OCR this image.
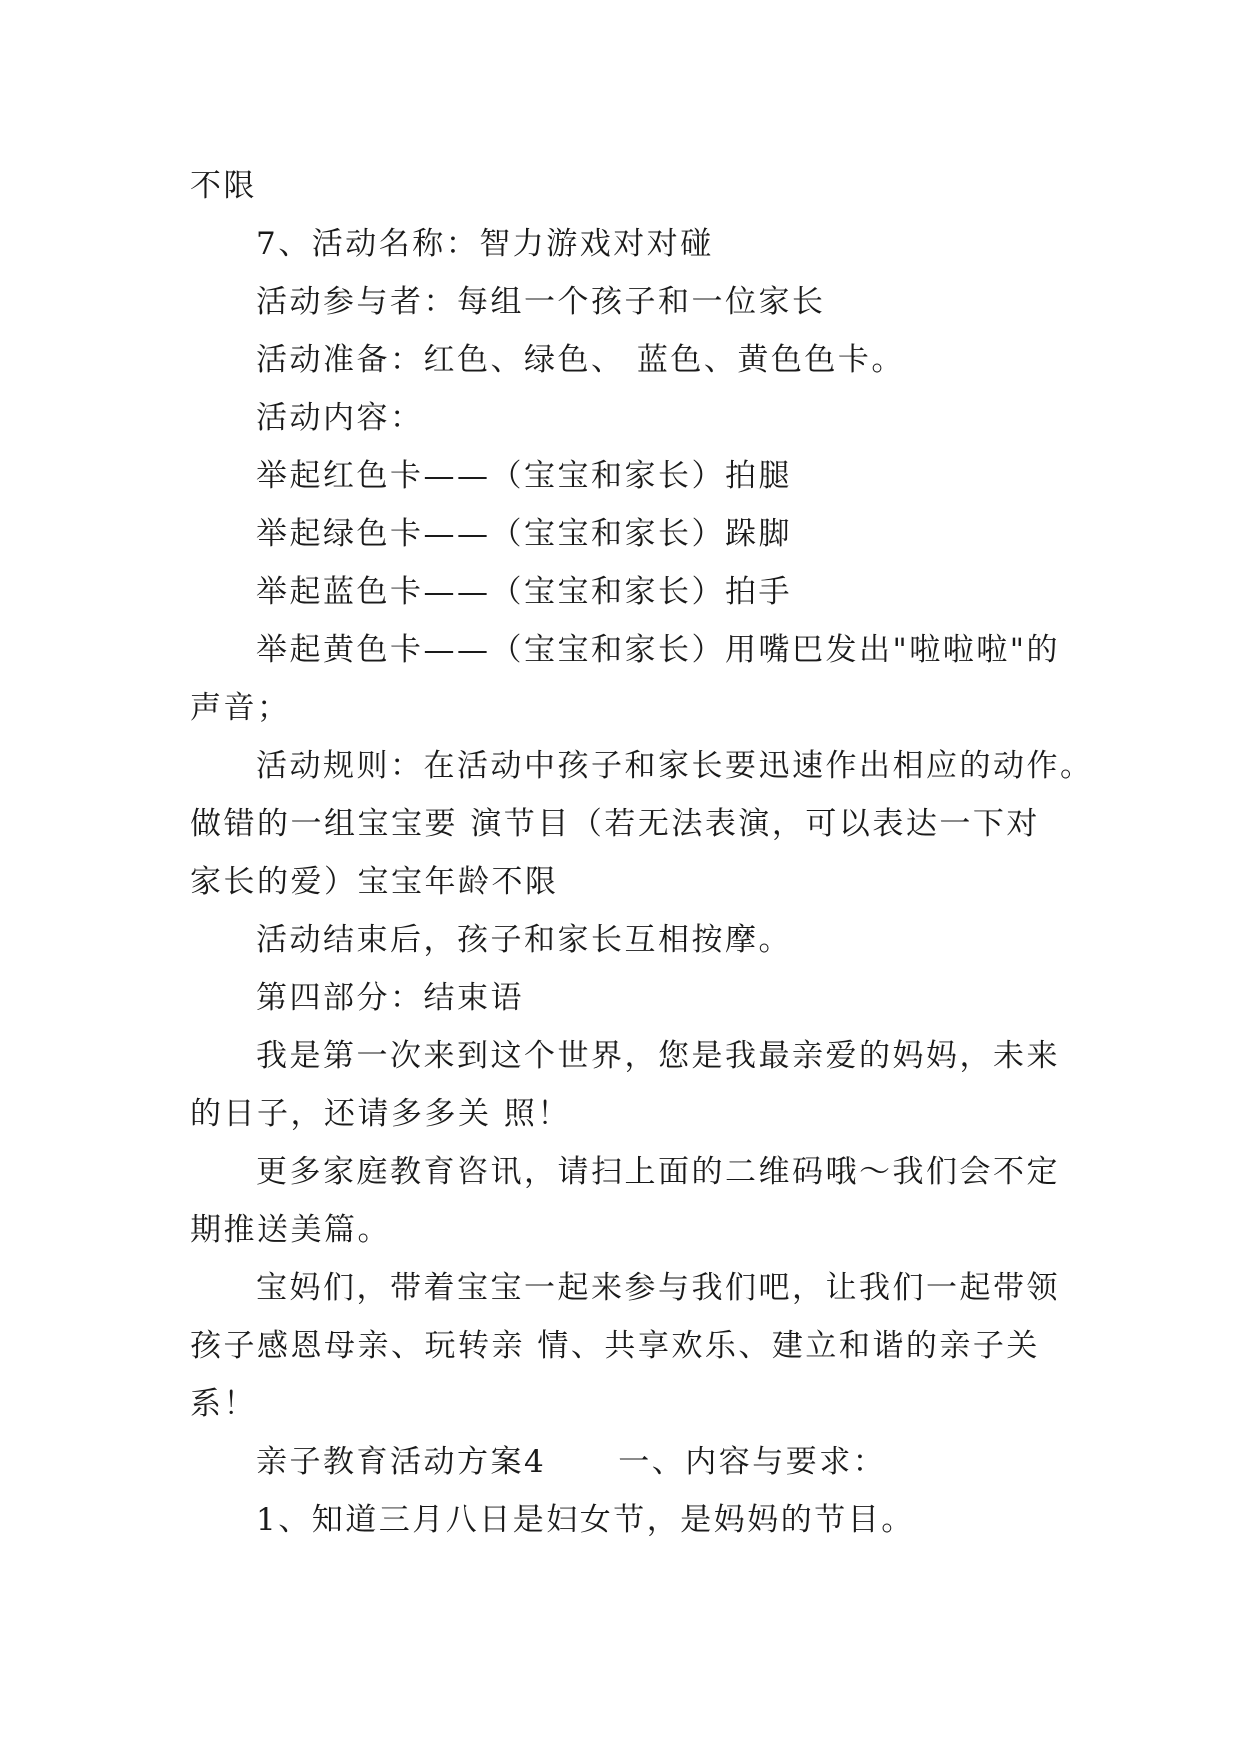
不限
7、活动名称：智力游戏对对碰
活动参与者：每组一个孩子和一位家长
活动准备：红色、绿色、 蓝色、黄色色卡。
活动内容：
举起红色卡——（宝宝和家长）拍腿
举起绿色卡——（宝宝和家长）跺脚
举起蓝色卡——（宝宝和家长）拍手
举起黄色卡——（宝宝和家长）用嘴巴发出"啦啦啦"的
声音；
活动规则：在活动中孩子和家长要迅速作出相应的动作。
做错的一组宝宝要 演节目（若无法表演，可以表达一下对
家长的爱）宝宝年龄不限
活动结束后，孩子和家长互相按摩。
第四部分：结束语
我是第一次来到这个世界，您是我最亲爱的妈妈，未来
的日子，还请多多关 照！
更多家庭教育咨讯，请扫上面的二维码哦～我们会不定
期推送美篇。
宝妈们，带着宝宝一起来参与我们吧，让我们一起带领
孩子感恩母亲、玩转亲 情、共享欢乐、建立和谐的亲子关
系！
亲子教育活动方案4 一、内容与要求：
1、知道三月八日是妇女节，是妈妈的节目。
